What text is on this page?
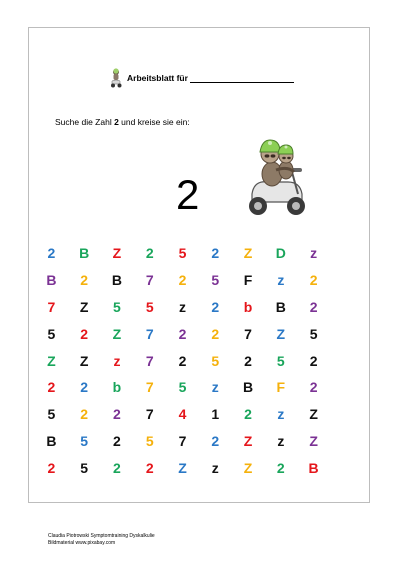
Arbeitsblatt für
Suche die Zahl 2 und kreise sie ein:
2
2	B	Z	2	5	2	Z	D	z
B	2	B	7	2	5	F	z	2
7	Z	5	5	z	2	b	B	2
5	2	Z	7	2	2	7	Z	5
Z	Z	z	7	2	5	2	5	2
2	2	b	7	5	z	B	F	2
5	2	2	7	4	1	2	z	Z
B	5	2	5	7	2	Z	z	Z
2	5	2	2	Z	z	Z	2	B
Claudia Piotrowski Symptomtraining Dyskalkulie
Bildmaterial www.pixabay.com
